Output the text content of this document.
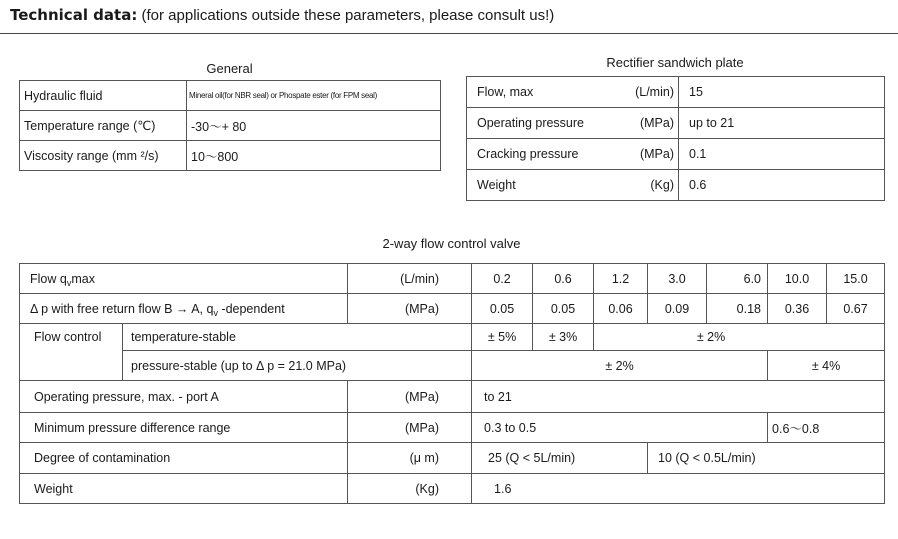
Technical data: (for applications outside these parameters, please consult us!)
General
Hydraulic fluid	Mineral oil(for NBR seal) or Phospate ester (for FPM seal)
Temperature range (℃)	-30～+ 80
Viscosity range (mm ²/s)	10～800
Rectifier sandwich plate
Flow, max (L/min)	15
Operating pressure (MPa)	up to 21
Cracking pressure (MPa)	0.1
Weight (Kg)	0.6
2-way flow control valve
Flow $q_v\max$		(L/min)	0.2	0.6	1.2	3.0	6.0	10.0	15.0
Δ p with free return flow B → A, $q_v$ -dependent		(MPa)	0.05	0.05	0.06	0.09	0.18	0.36	0.67
Flow control	temperature-stable		± 5%	± 3%	± 2%				
	pressure-stable (up to Δ p = 21.0 MPa)		± 2%					± 4%	
Operating pressure, max. - port A		(MPa)	to 21						
Minimum pressure difference range		(MPa)	0.3 to 0.5					0.6～0.8	
Degree of contamination		(μ m)	25 (Q < 5L/min)			10 (Q < 0.5L/min)			
Weight		(Kg)	1.6						
